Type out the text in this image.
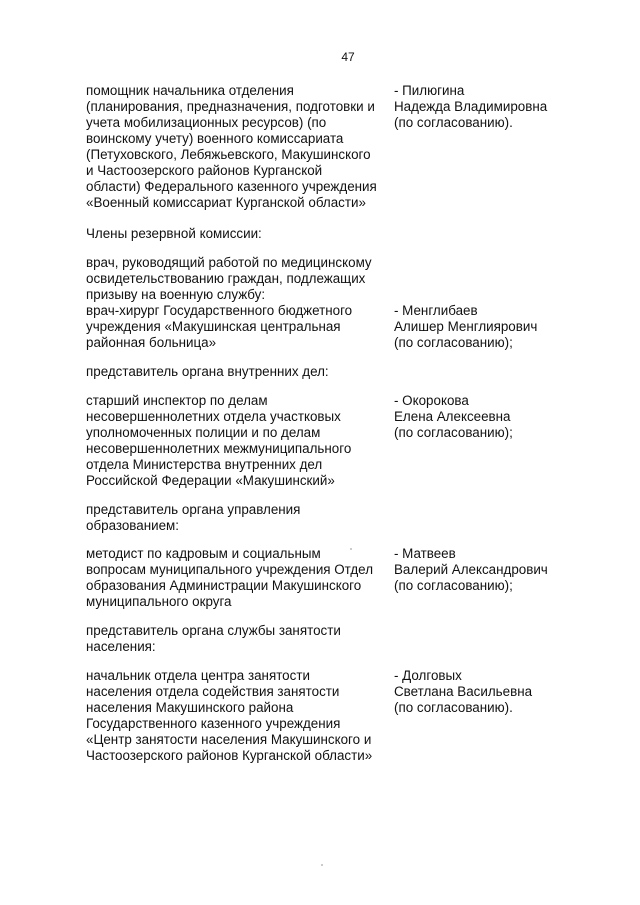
47
помощник начальника отделения
(планирования, предназначения, подготовки и
учета мобилизационных ресурсов) (по
воинскому учету) военного комиссариата
(Петуховского, Лебяжьевского, Макушинского
и Частоозерского районов Курганской
области) Федерального казенного учреждения
«Военный комиссариат Курганской области»
- Пилюгина
Надежда Владимировна
(по согласованию).
Члены резервной комиссии:
врач, руководящий работой по медицинскому
освидетельствованию граждан, подлежащих
призыву на военную службу:
врач-хирург Государственного бюджетного
учреждения «Макушинская центральная
районная больница»

- Менглибаев
Алишер Менглиярович
(по согласованию);
представитель органа внутренних дел:
старший инспектор по делам
несовершеннолетних отдела участковых
уполномоченных полиции и по делам
несовершеннолетних межмуниципального
отдела Министерства внутренних дел
Российской Федерации «Макушинский»
- Окорокова
Елена Алексеевна
(по согласованию);
представитель органа управления
образованием:
методист по кадровым и социальным
вопросам муниципального учреждения Отдел
образования Администрации Макушинского
муниципального округа
- Матвеев
Валерий Александрович
(по согласованию);
представитель органа службы занятости
населения:
начальник отдела центра занятости
населения отдела содействия занятости
населения Макушинского района
Государственного казенного учреждения
«Центр занятости населения Макушинского и
Частоозерского районов Курганской области»
- Долговых
Светлана Васильевна
(по согласованию).
